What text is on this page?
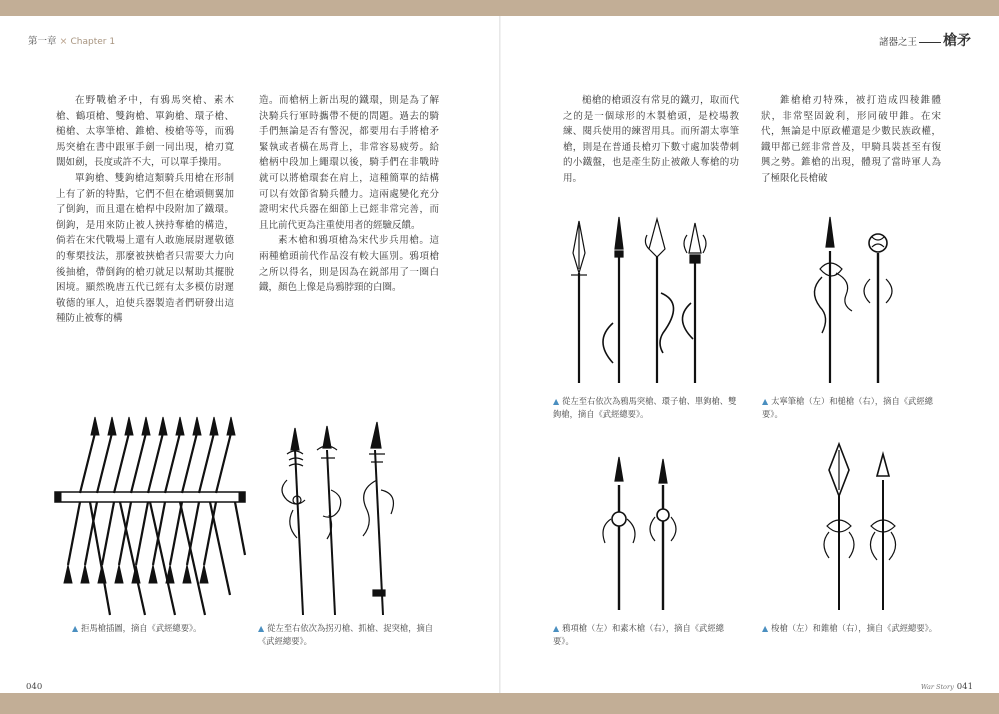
第一章 × Chapter 1	諸器之王 槍矛

在野戰槍矛中，有鴉馬突槍、素木槍、鶴項槍、雙鉤槍、單鉤槍、環子槍、槌槍、太寧筆槍、錐槍、梭槍等等，而鴉馬突槍在書中跟軍手劍一同出現，槍刃寬闊如劍，長度或許不大，可以單手操用。

單鉤槍、雙鉤槍這類騎兵用槍在形制上有了新的特點，它們不但在槍頭側翼加了倒鉤，而且還在槍桿中段附加了鐵環。倒鉤，是用來防止被人挾持奪槍的構造，倘若在宋代戰場上還有人敢施展尉遲敬德的奪槊技法，那麼被挾槍者只需要大力向後抽槍，帶倒鉤的槍刃就足以幫助其擺脫困境。顯然晚唐五代已經有太多模仿尉遲敬德的軍人，迫使兵器製造者們研發出這種防止被奪的構

造。而槍柄上新出現的鐵環，則是為了解決騎兵行軍時攜帶不便的問題。過去的騎手們無論是否有警況，都要用右手將槍矛緊執或者橫在馬背上，非常容易疲勞。給槍柄中段加上繩環以後，騎手們在非戰時就可以將槍環套在肩上，這種簡單的結構可以有效節省騎兵體力。這兩處變化充分證明宋代兵器在細節上已經非常完善，而且比前代更為注重使用者的經驗反饋。

素木槍和鴉項槍為宋代步兵用槍。這兩種槍頭前代作品沒有較大區別。鴉項槍之所以得名，則是因為在鋭部用了一圈白鐵，顏色上像是烏鴉脖頸的白圈。

槌槍的槍頭沒有常見的鐵刃，取而代之的是一個球形的木製槍頭，是校場教練、閱兵使用的練習用具。而所謂太寧筆槍，則是在普通長槍刃下數寸處加裝帶刺的小鐵盤，也是產生防止被敵人奪槍的功用。

錐槍槍刃特殊，被打造成四稜錐體狀，非常堅固銳利，形同破甲錐。在宋代，無論是中原政權還是少數民族政權，鐵甲都已經非常普及，甲騎具裝甚至有復興之勢。錐槍的出現，體現了當時軍人為了極限化長槍破

▲ 拒馬槍插圖，摘自《武經總要》。	▲ 從左至右依次為拐刃槍、抓槍、捉突槍，摘自《武經總要》。
▲ 從左至右依次為鴉馬突槍、環子槍、單鉤槍、雙鉤槍，摘自《武經總要》。
▲ 太寧筆槍（左）和槌槍（右），摘自《武經總要》。
▲ 鴉項槍（左）和素木槍（右），摘自《武經總要》。
▲ 梭槍（左）和錐槍（右），摘自《武經總要》。
040	War Story 041
